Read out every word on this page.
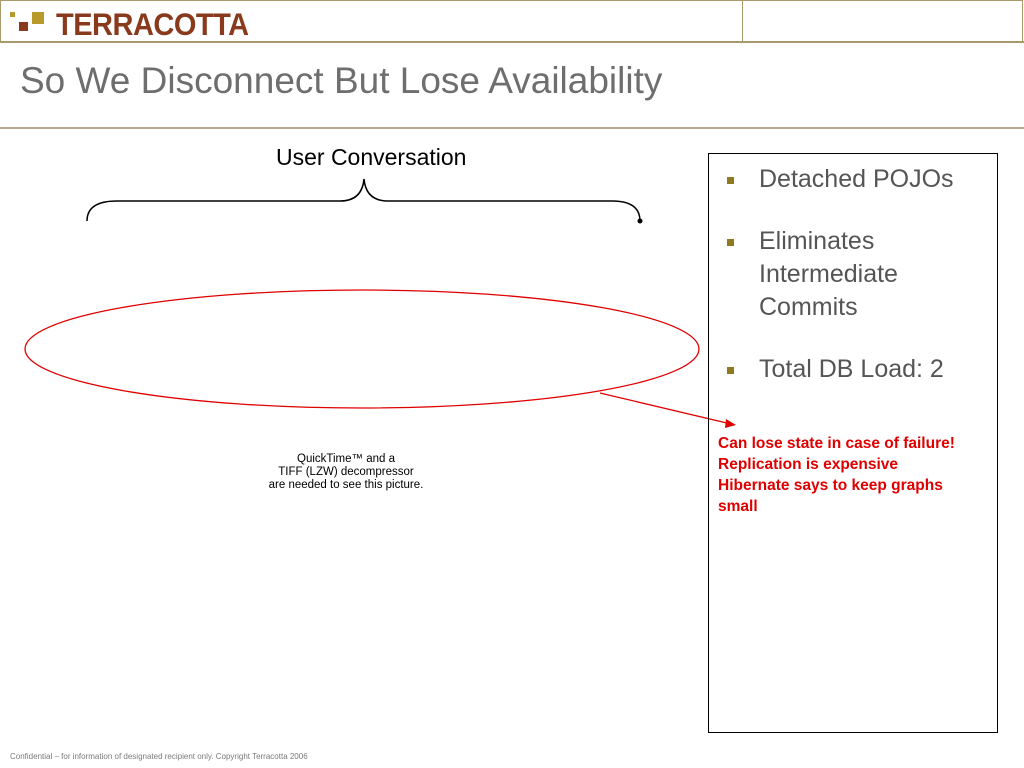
TERRACOTTA
So We Disconnect But Lose Availability
User Conversation
QuickTime™ and a
TIFF (LZW) decompressor
are needed to see this picture.
Detached POJOs
Eliminates Intermediate Commits
Total DB Load: 2
Can lose state in case of failure!
Replication is expensive
Hibernate says to keep graphs
small
Confidential – for information of designated recipient only. Copyright Terracotta 2006
